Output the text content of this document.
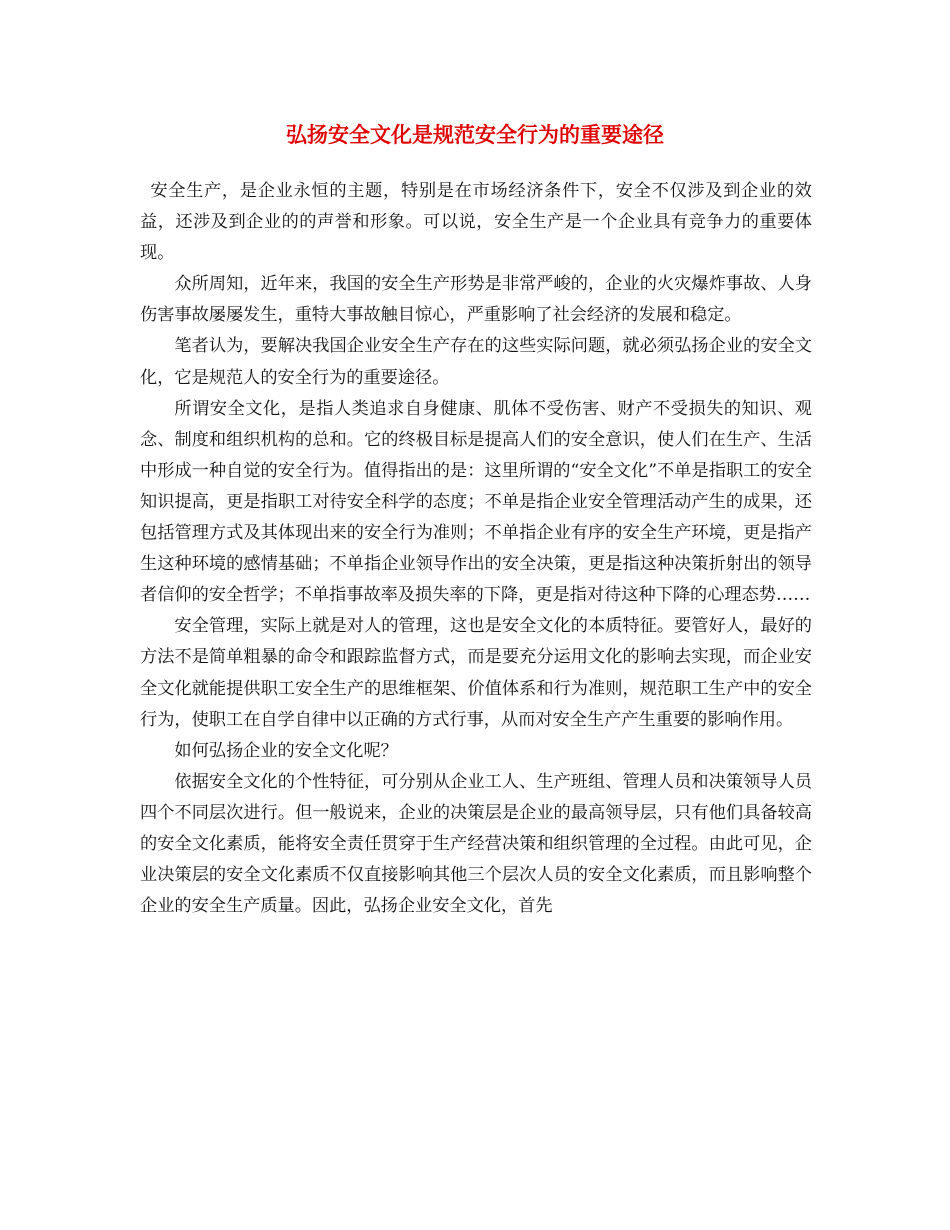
弘扬安全文化是规范安全行为的重要途径

安全生产，是企业永恒的主题，特别是在市场经济条件下，安全不仅涉及到企业的效益，还涉及到企业的的声誉和形象。可以说，安全生产是一个企业具有竞争力的重要体现。

众所周知，近年来，我国的安全生产形势是非常严峻的，企业的火灾爆炸事故、人身伤害事故屡屡发生，重特大事故触目惊心，严重影响了社会经济的发展和稳定。

笔者认为，要解决我国企业安全生产存在的这些实际问题，就必须弘扬企业的安全文化，它是规范人的安全行为的重要途径。

所谓安全文化，是指人类追求自身健康、肌体不受伤害、财产不受损失的知识、观念、制度和组织机构的总和。它的终极目标是提高人们的安全意识，使人们在生产、生活中形成一种自觉的安全行为。值得指出的是：这里所谓的“安全文化”不单是指职工的安全知识提高，更是指职工对待安全科学的态度；不单是指企业安全管理活动产生的成果，还包括管理方式及其体现出来的安全行为准则；不单指企业有序的安全生产环境，更是指产生这种环境的感情基础；不单指企业领导作出的安全决策，更是指这种决策折射出的领导者信仰的安全哲学；不单指事故率及损失率的下降，更是指对待这种下降的心理态势……

安全管理，实际上就是对人的管理，这也是安全文化的本质特征。要管好人，最好的方法不是简单粗暴的命令和跟踪监督方式，而是要充分运用文化的影响去实现，而企业安全文化就能提供职工安全生产的思维框架、价值体系和行为准则，规范职工生产中的安全行为，使职工在自学自律中以正确的方式行事，从而对安全生产产生重要的影响作用。

如何弘扬企业的安全文化呢？

依据安全文化的个性特征，可分别从企业工人、生产班组、管理人员和决策领导人员四个不同层次进行。但一般说来，企业的决策层是企业的最高领导层，只有他们具备较高的安全文化素质，能将安全责任贯穿于生产经营决策和组织管理的全过程。由此可见，企业决策层的安全文化素质不仅直接影响其他三个层次人员的安全文化素质，而且影响整个企业的安全生产质量。因此，弘扬企业安全文化，首先
